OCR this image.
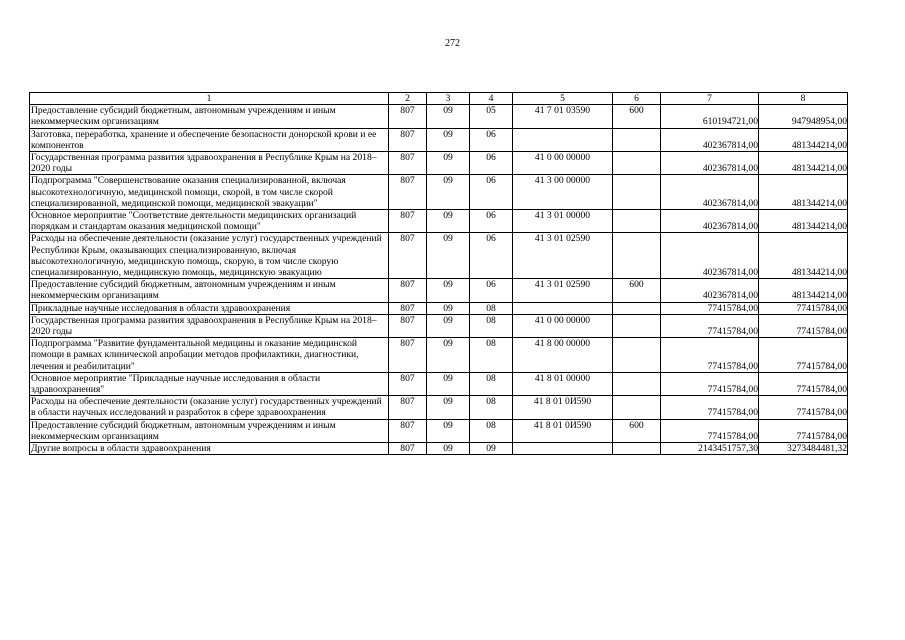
272
1	2	3	4	5	6	7	8
Предоставление субсидий бюджетным, автономным учреждениям и иным некоммерческим организациям	807	09	05	41 7 01 03590	600	610194721,00	947948954,00
Заготовка, переработка, хранение и обеспечение безопасности донорской крови и ее компонентов	807	09	06			402367814,00	481344214,00
Государственная программа развития здравоохранения в Республике Крым на 2018–2020 годы	807	09	06	41 0 00 00000		402367814,00	481344214,00
Подпрограмма "Совершенствование оказания специализированной, включая высокотехнологичную, медицинской помощи, скорой, в том числе скорой специализированной, медицинской помощи, медицинской эвакуации"	807	09	06	41 3 00 00000		402367814,00	481344214,00
Основное мероприятие "Соответствие деятельности медицинских организаций порядкам и стандартам оказания медицинской помощи"	807	09	06	41 3 01 00000		402367814,00	481344214,00
Расходы на обеспечение деятельности (оказание услуг) государственных учреждений Республики Крым, оказывающих специализированную, включая высокотехнологичную, медицинскую помощь, скорую, в том числе скорую специализированную, медицинскую помощь, медицинскую эвакуацию	807	09	06	41 3 01 02590		402367814,00	481344214,00
Предоставление субсидий бюджетным, автономным учреждениям и иным некоммерческим организациям	807	09	06	41 3 01 02590	600	402367814,00	481344214,00
Прикладные научные исследования в области здравоохранения	807	09	08			77415784,00	77415784,00
Государственная программа развития здравоохранения в Республике Крым на 2018–2020 годы	807	09	08	41 0 00 00000		77415784,00	77415784,00
Подпрограмма "Развитие фундаментальной медицины и оказание медицинской помощи в рамках клинической апробации методов профилактики, диагностики, лечения и реабилитации"	807	09	08	41 8 00 00000		77415784,00	77415784,00
Основное мероприятие "Прикладные научные исследования в области здравоохранения"	807	09	08	41 8 01 00000		77415784,00	77415784,00
Расходы на обеспечение деятельности (оказание услуг) государственных учреждений в области научных исследований и разработок в сфере здравоохранения	807	09	08	41 8 01 0И590		77415784,00	77415784,00
Предоставление субсидий бюджетным, автономным учреждениям и иным некоммерческим организациям	807	09	08	41 8 01 0И590	600	77415784,00	77415784,00
Другие вопросы в области здравоохранения	807	09	09			2143451757,30	3273484481,32
